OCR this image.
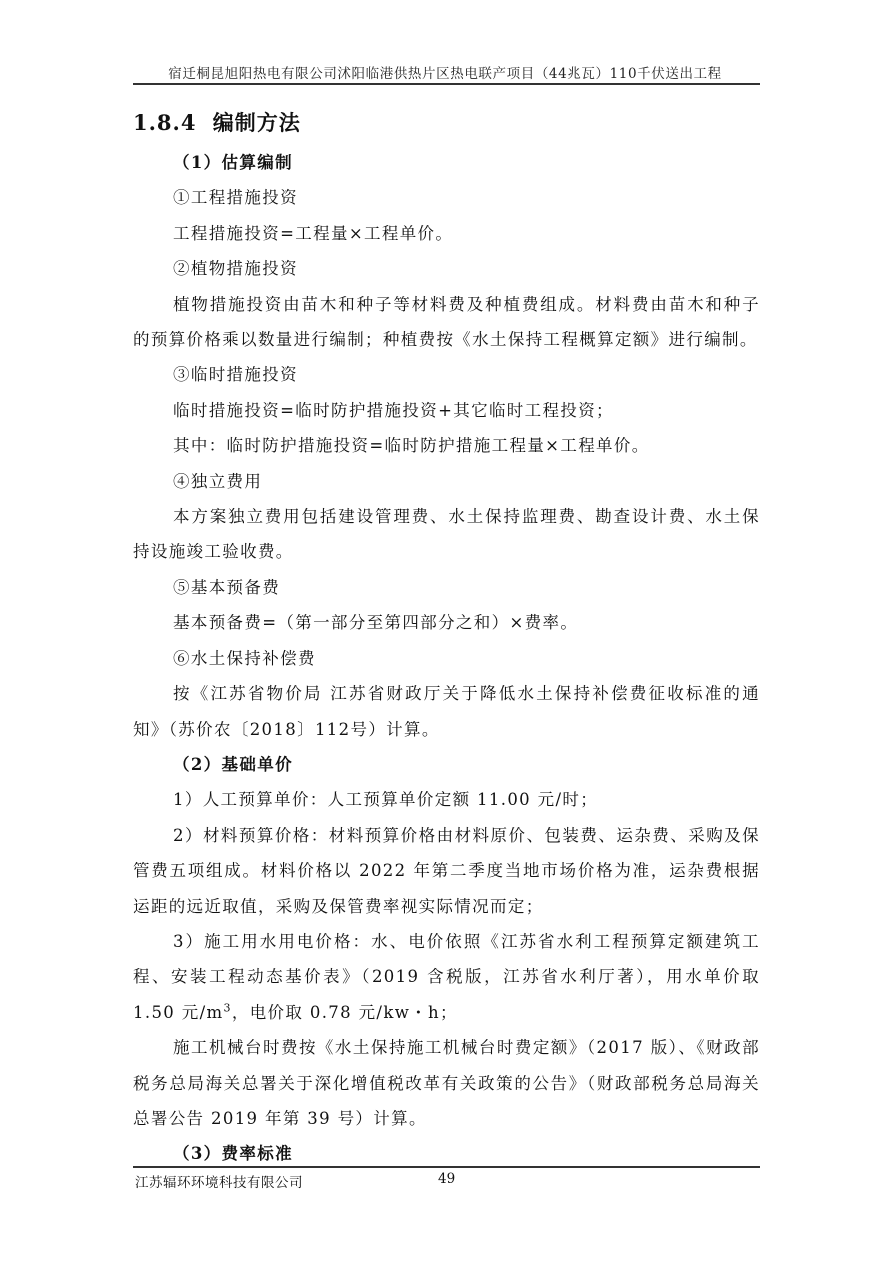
宿迁桐昆旭阳热电有限公司沭阳临港供热片区热电联产项目（44兆瓦）110千伏送出工程
1.8.4 编制方法

（1）估算编制

①工程措施投资

工程措施投资=工程量×工程单价。

②植物措施投资

植物措施投资由苗木和种子等材料费及种植费组成。材料费由苗木和种子的预算价格乘以数量进行编制；种植费按《水土保持工程概算定额》进行编制。

③临时措施投资

临时措施投资=临时防护措施投资+其它临时工程投资；

其中：临时防护措施投资=临时防护措施工程量×工程单价。

④独立费用

本方案独立费用包括建设管理费、水土保持监理费、勘查设计费、水土保持设施竣工验收费。

⑤基本预备费

基本预备费=（第一部分至第四部分之和）×费率。

⑥水土保持补偿费

按《江苏省物价局 江苏省财政厅关于降低水土保持补偿费征收标准的通知》（苏价农〔2018〕112号）计算。

（2）基础单价

1）人工预算单价：人工预算单价定额 11.00 元/时；

2）材料预算价格：材料预算价格由材料原价、包装费、运杂费、采购及保管费五项组成。材料价格以 2022 年第二季度当地市场价格为准，运杂费根据运距的远近取值，采购及保管费率视实际情况而定；

3）施工用水用电价格：水、电价依照《江苏省水利工程预算定额建筑工程、安装工程动态基价表》（2019 含税版，江苏省水利厅著），用水单价取 1.50 元$/m^3$，电价取 0.78 元/kw・h；

施工机械台时费按《水土保持施工机械台时费定额》（2017 版）、《财政部税务总局海关总署关于深化增值税改革有关政策的公告》（财政部税务总局海关总署公告 2019 年第 39 号）计算。

（3）费率标准

江苏辐环环境科技有限公司	49
